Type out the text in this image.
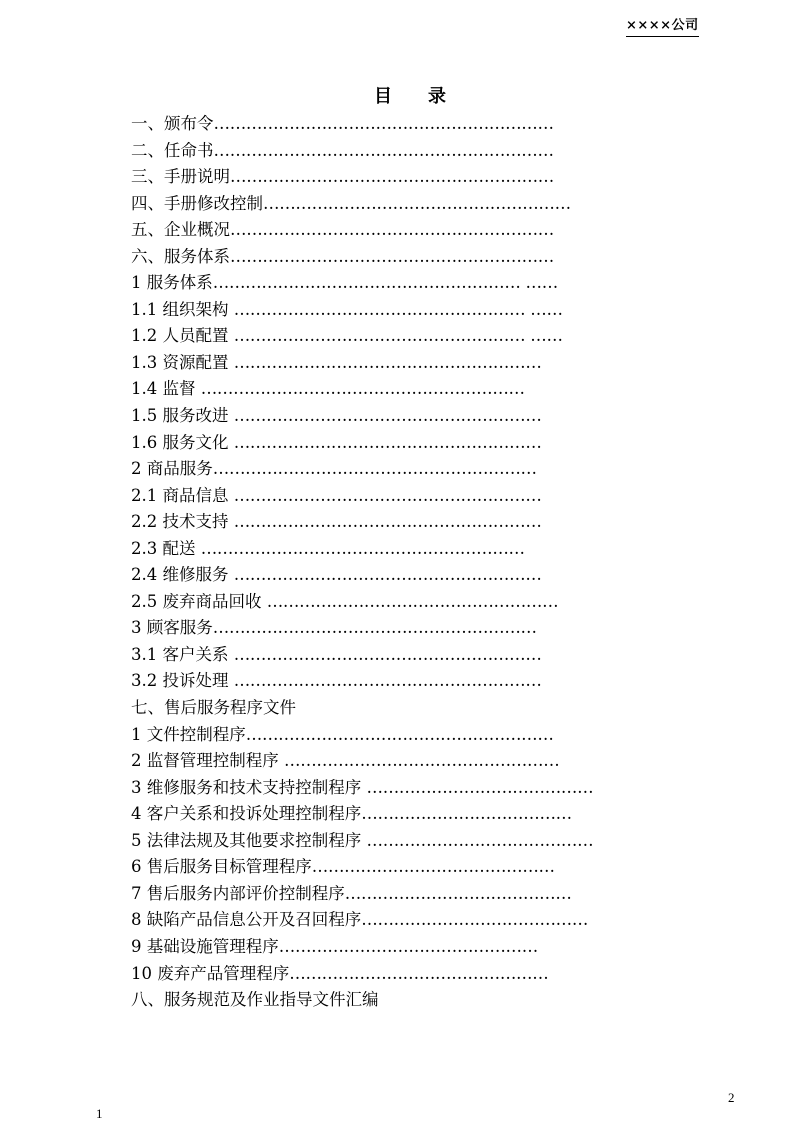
××××公司
目　　录
一、颁布令………………………………………………………
二、任命书………………………………………………………
三、手册说明……………………………………………………
四、手册修改控制…………………………………………………
五、企业概况……………………………………………………
六、服务体系……………………………………………………
1 服务体系………………………………………………… ……
1.1 组织架构 ……………………………………………… ……
1.2 人员配置 ……………………………………………… ……
1.3 资源配置 …………………………………………………
1.4 监督 ……………………………………………………
1.5 服务改进 …………………………………………………
1.6 服务文化 …………………………………………………
2 商品服务……………………………………………………
2.1 商品信息 …………………………………………………
2.2 技术支持 …………………………………………………
2.3 配送 ……………………………………………………
2.4 维修服务 …………………………………………………
2.5 废弃商品回收 ………………………………………………
3 顾客服务……………………………………………………
3.1 客户关系 …………………………………………………
3.2 投诉处理 …………………………………………………
七、售后服务程序文件
1 文件控制程序…………………………………………………
2 监督管理控制程序 ……………………………………………
3 维修服务和技术支持控制程序 ……………………………………
4 客户关系和投诉处理控制程序…………………………………
5 法律法规及其他要求控制程序 ……………………………………
6 售后服务目标管理程序………………………………………
7 售后服务内部评价控制程序……………………………………
8 缺陷产品信息公开及召回程序……………………………………
9 基础设施管理程序…………………………………………
10 废弃产品管理程序…………………………………………
八、服务规范及作业指导文件汇编
2
1
